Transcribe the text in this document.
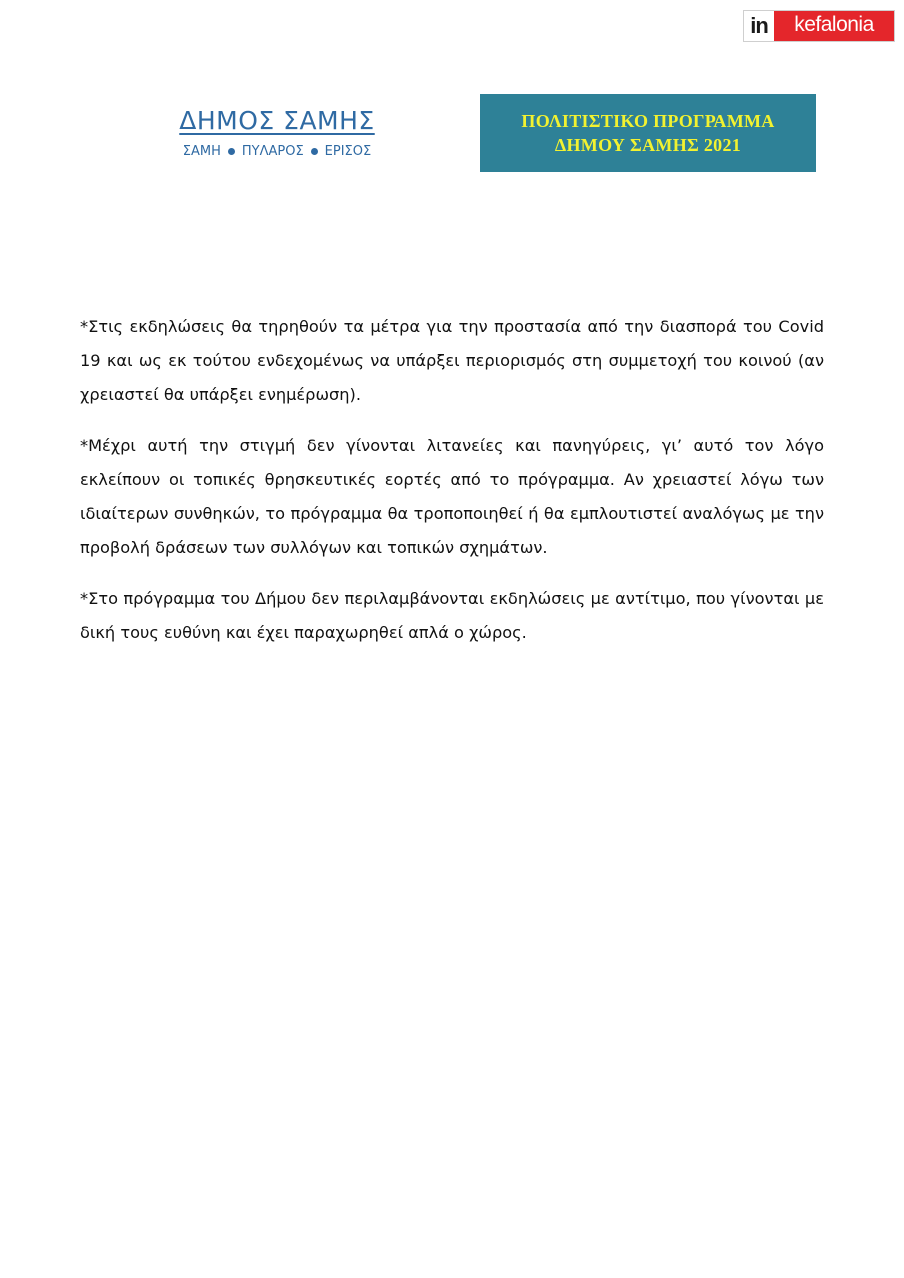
in	kefalonia
ΔΗΜΟΣ ΣΑΜΗΣ
ΣΑΜΗ ΠΥΛΑΡΟΣ ΕΡΙΣΟΣ
ΠΟΛΙΤΙΣΤΙΚΟ ΠΡΟΓΡΑΜΜΑ
ΔΗΜΟΥ ΣΑΜΗΣ 2021

*Στις εκδηλώσεις θα τηρηθούν τα μέτρα για την προστασία από την διασπορά του Covid 19 και ως εκ τούτου ενδεχομένως να υπάρξει περιορισμός στη συμμετοχή του κοινού (αν χρειαστεί θα υπάρξει ενημέρωση).

*Μέχρι αυτή την στιγμή δεν γίνονται λιτανείες και πανηγύρεις, γι’ αυτό τον λόγο εκλείπουν οι τοπικές θρησκευτικές εορτές από το πρόγραμμα. Αν χρειαστεί λόγω των ιδιαίτερων συνθηκών, το πρόγραμμα θα τροποποιηθεί ή θα εμπλουτιστεί αναλόγως με την προβολή δράσεων των συλλόγων και τοπικών σχημάτων.

*Στο πρόγραμμα του Δήμου δεν περιλαμβάνονται εκδηλώσεις με αντίτιμο, που γίνονται με δική τους ευθύνη και έχει παραχωρηθεί απλά ο χώρος.
